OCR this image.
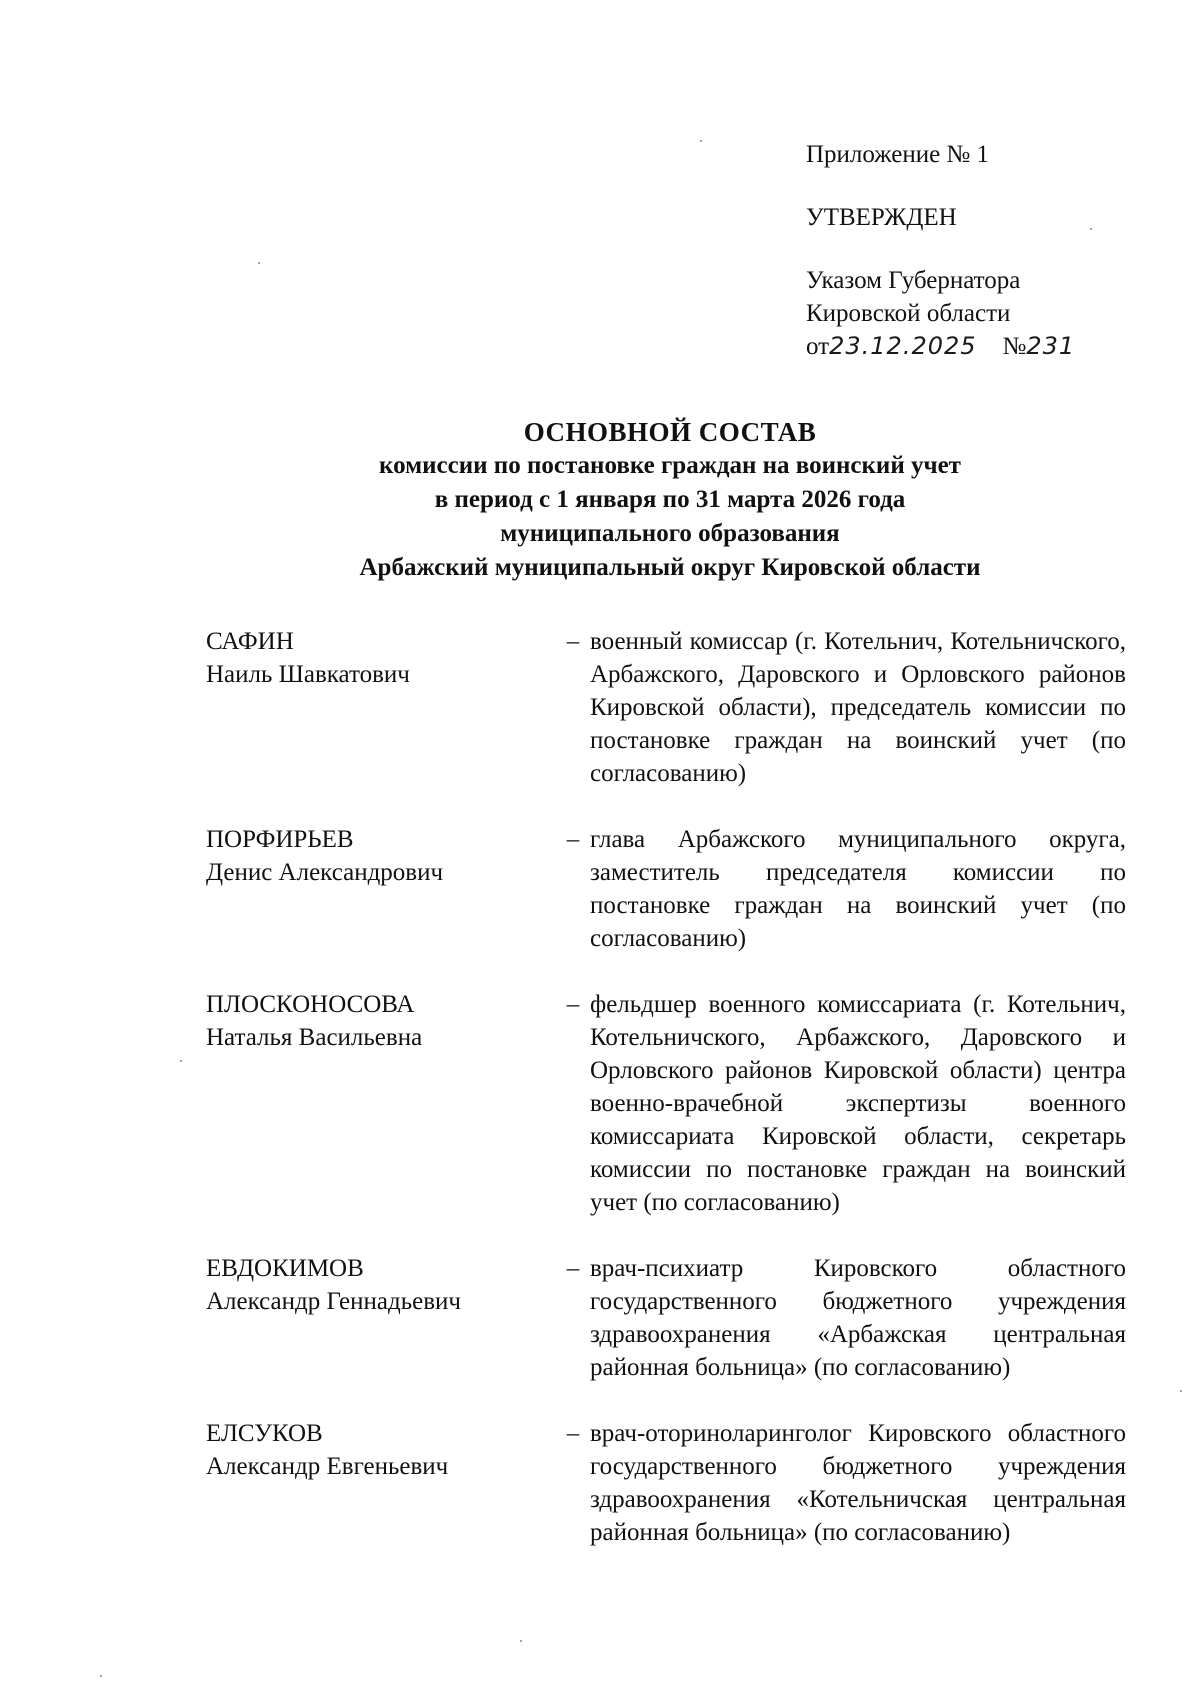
Приложение № 1
УТВЕРЖДЕН
Указом Губернатора
Кировской области
от 23.12.2025 № 231
ОСНОВНОЙ СОСТАВ
комиссии по постановке граждан на воинский учет
в период с 1 января по 31 марта 2026 года
муниципального образования
Арбажский муниципальный округ Кировской области
САФИН
Наиль Шавкатович
– военный комиссар (г. Котельнич, Котельничского, Арбажского, Даровского и Орловского районов Кировской области), председатель комиссии по постановке граждан на воинский учет (по согласованию)
ПОРФИРЬЕВ
Денис Александрович
– глава Арбажского муниципального округа, заместитель председателя комиссии по постановке граждан на воинский учет (по согласованию)
ПЛОСКОНОСОВА
Наталья Васильевна
– фельдшер военного комиссариата (г. Котельнич, Котельничского, Арбажского, Даровского и Орловского районов Кировской области) центра военно-врачебной экспертизы военного комиссариата Кировской области, секретарь комиссии по постановке граждан на воинский учет (по согласованию)
ЕВДОКИМОВ
Александр Геннадьевич
– врач-психиатр Кировского областного государственного бюджетного учреждения здравоохранения «Арбажская центральная районная больница» (по согласованию)
ЕЛСУКОВ
Александр Евгеньевич
– врач-оториноларинголог Кировского областного государственного бюджетного учреждения здравоохранения «Котельничская центральная районная больница» (по согласованию)
